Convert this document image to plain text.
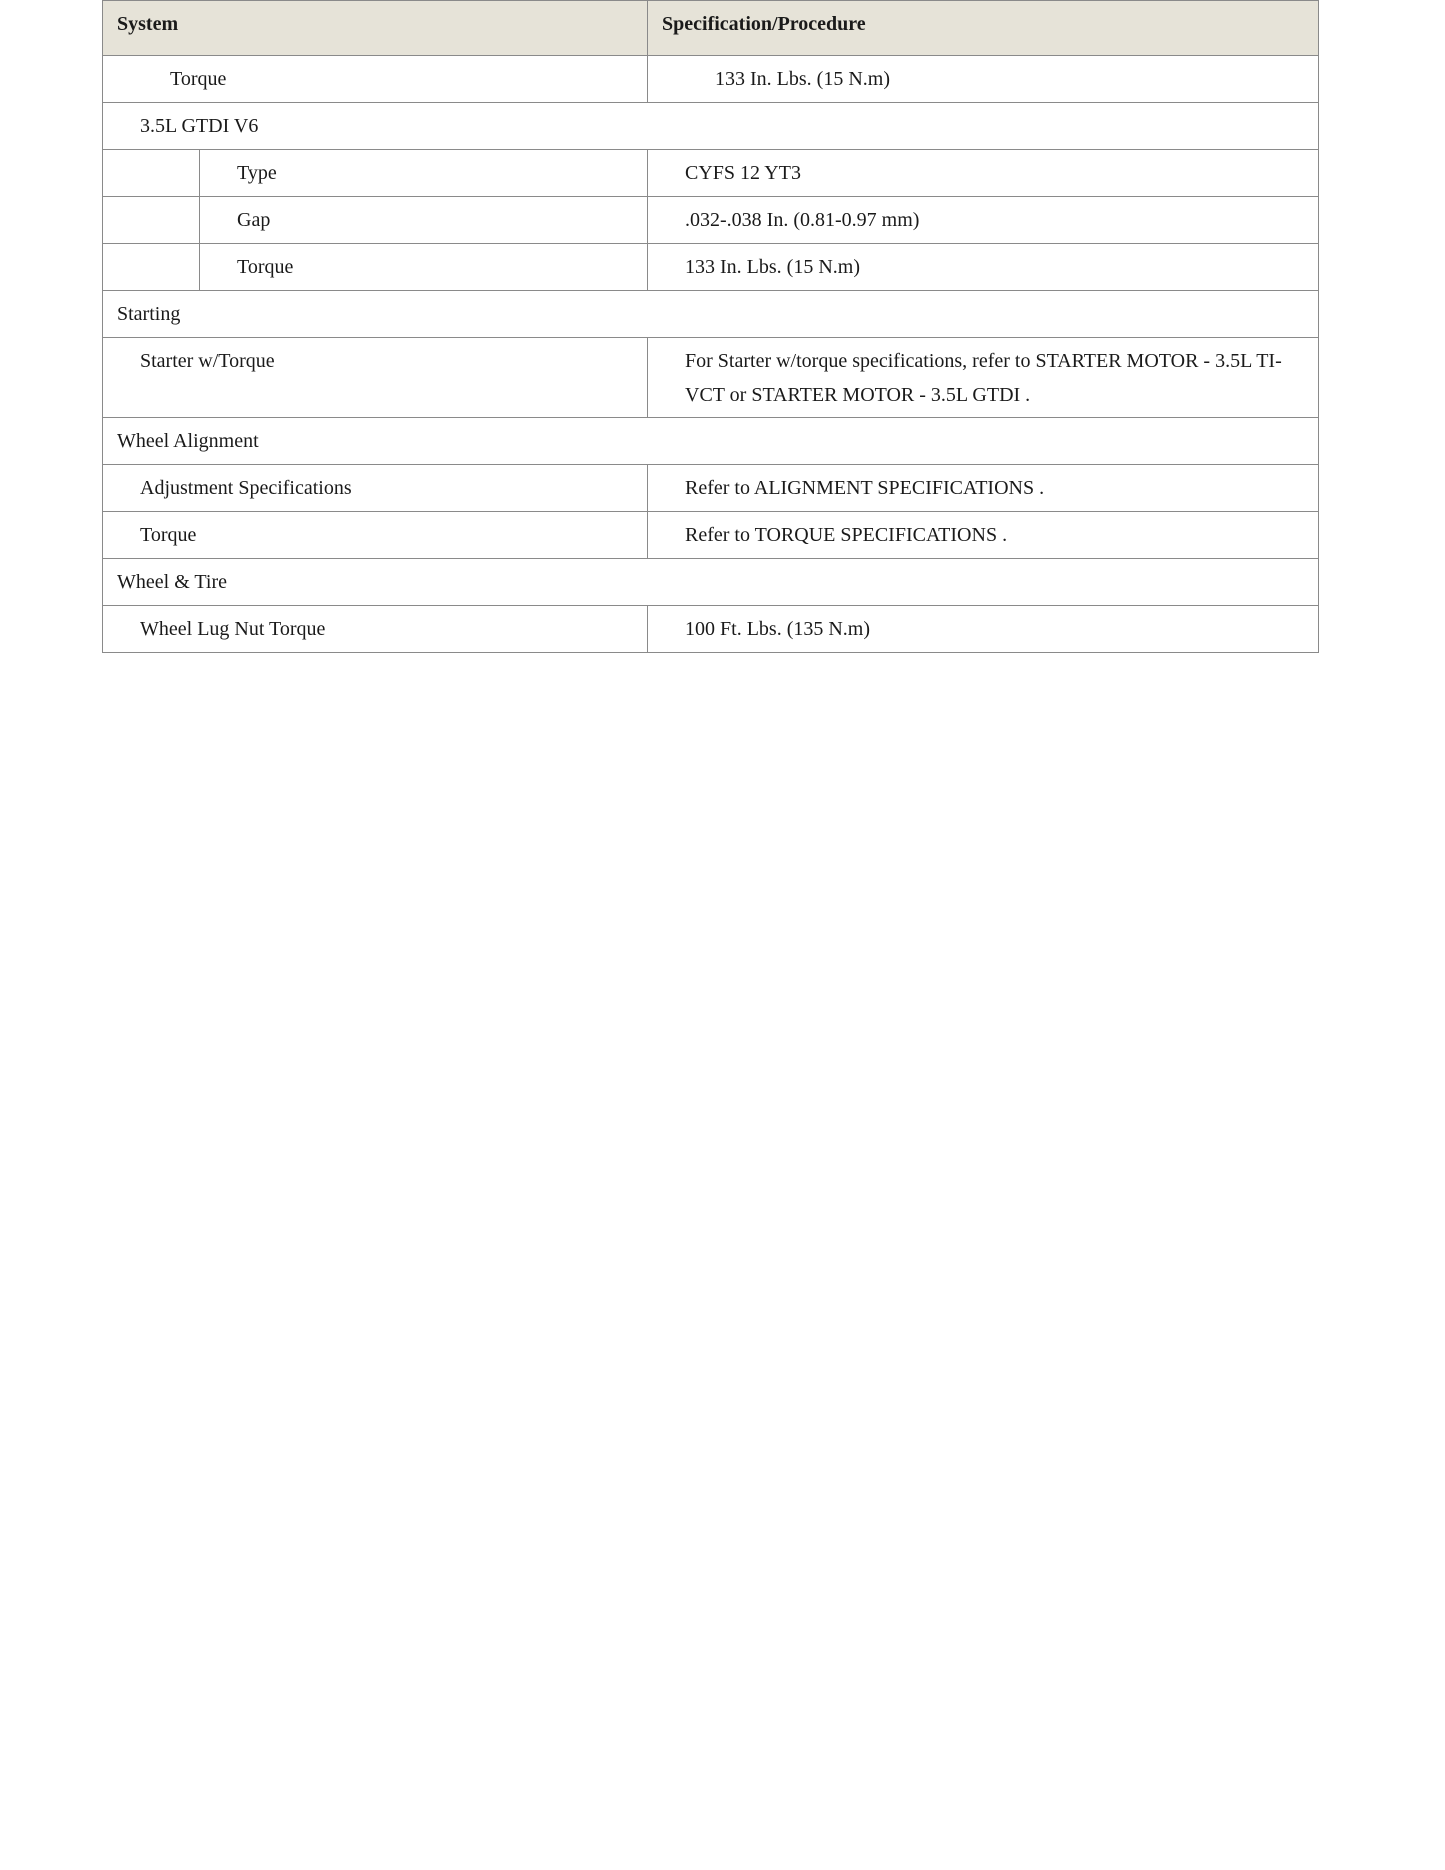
System		Specification/Procedure
Torque		133 In. Lbs. (15 N.m)
3.5L GTDI V6		
	Type	CYFS 12 YT3
	Gap	.032-.038 In. (0.81-0.97 mm)
	Torque	133 In. Lbs. (15 N.m)
Starting		
Starter w/Torque		For Starter w/torque specifications, refer to STARTER MOTOR - 3.5L TI-VCT or STARTER MOTOR - 3.5L GTDI .
Wheel Alignment		
Adjustment Specifications		Refer to ALIGNMENT SPECIFICATIONS .
Torque		Refer to TORQUE SPECIFICATIONS .
Wheel & Tire		
Wheel Lug Nut Torque		100 Ft. Lbs. (135 N.m)
